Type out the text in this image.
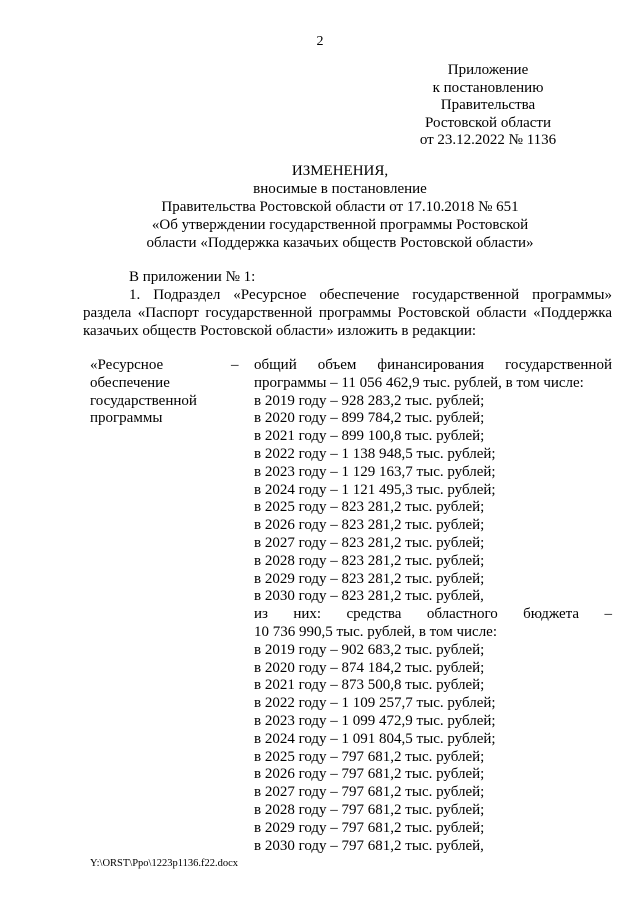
2
Приложение
к постановлению
Правительства
Ростовской области
от 23.12.2022 № 1136
ИЗМЕНЕНИЯ,
вносимые в постановление
Правительства Ростовской области от 17.10.2018 № 651
«Об утверждении государственной программы Ростовской
области «Поддержка казачьих обществ Ростовской области»
В приложении № 1:
1. Подраздел «Ресурсное обеспечение государственной программы» раздела «Паспорт государственной программы Ростовской области «Поддержка казачьих обществ Ростовской области» изложить в редакции:
«Ресурсное
обеспечение
государственной
программы
– общий объем финансирования государственной
программы – 11 056 462,9 тыс. рублей, в том числе:
в 2019 году – 928 283,2 тыс. рублей;
в 2020 году – 899 784,2 тыс. рублей;
в 2021 году – 899 100,8 тыс. рублей;
в 2022 году – 1 138 948,5 тыс. рублей;
в 2023 году – 1 129 163,7 тыс. рублей;
в 2024 году – 1 121 495,3 тыс. рублей;
в 2025 году – 823 281,2 тыс. рублей;
в 2026 году – 823 281,2 тыс. рублей;
в 2027 году – 823 281,2 тыс. рублей;
в 2028 году – 823 281,2 тыс. рублей;
в 2029 году – 823 281,2 тыс. рублей;
в 2030 году – 823 281,2 тыс. рублей,
из них: средства областного бюджета –
10 736 990,5 тыс. рублей, в том числе:
в 2019 году – 902 683,2 тыс. рублей;
в 2020 году – 874 184,2 тыс. рублей;
в 2021 году – 873 500,8 тыс. рублей;
в 2022 году – 1 109 257,7 тыс. рублей;
в 2023 году – 1 099 472,9 тыс. рублей;
в 2024 году – 1 091 804,5 тыс. рублей;
в 2025 году – 797 681,2 тыс. рублей;
в 2026 году – 797 681,2 тыс. рублей;
в 2027 году – 797 681,2 тыс. рублей;
в 2028 году – 797 681,2 тыс. рублей;
в 2029 году – 797 681,2 тыс. рублей;
в 2030 году – 797 681,2 тыс. рублей,
Y:\ORST\Ppo\1223p1136.f22.docx
